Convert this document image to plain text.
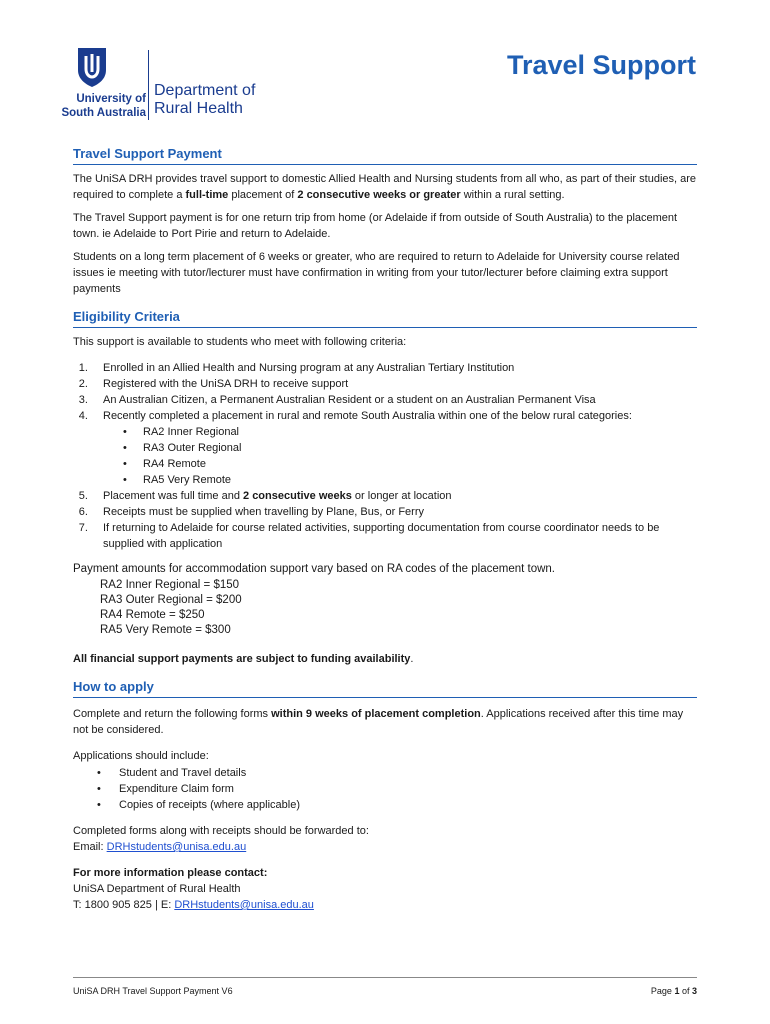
University of
South Australia
Department of
Rural Health
Travel Support
Travel Support Payment

The UniSA DRH provides travel support to domestic Allied Health and Nursing students from all who, as part of their studies, are required to complete a full-time placement of 2 consecutive weeks or greater within a rural setting.

The Travel Support payment is for one return trip from home (or Adelaide if from outside of South Australia) to the placement town. ie Adelaide to Port Pirie and return to Adelaide.

Students on a long term placement of 6 weeks or greater, who are required to return to Adelaide for University course related issues ie meeting with tutor/lecturer must have confirmation in writing from your tutor/lecturer before claiming extra support payments

Eligibility Criteria

This support is available to students who meet with following criteria:

1. Enrolled in an Allied Health and Nursing program at any Australian Tertiary Institution
2. Registered with the UniSA DRH to receive support
3. An Australian Citizen, a Permanent Australian Resident or a student on an Australian Permanent Visa
4. Recently completed a placement in rural and remote South Australia within one of the below rural categories:
• RA2 Inner Regional
• RA3 Outer Regional
• RA4 Remote
• RA5 Very Remote
5. Placement was full time and 2 consecutive weeks or longer at location
6. Receipts must be supplied when travelling by Plane, Bus, or Ferry
7. If returning to Adelaide for course related activities, supporting documentation from course coordinator needs to be supplied with application
Payment amounts for accommodation support vary based on RA codes of the placement town.
RA2 Inner Regional = $150
RA3 Outer Regional = $200
RA4 Remote = $250
RA5 Very Remote = $300

All financial support payments are subject to funding availability.

How to apply

Complete and return the following forms within 9 weeks of placement completion. Applications received after this time may not be considered.

Applications should include:

• Student and Travel details
• Expenditure Claim form
• Copies of receipts (where applicable)

Completed forms along with receipts should be forwarded to:
Email: DRHstudents@unisa.edu.au

For more information please contact:
UniSA Department of Rural Health
T: 1800 905 825 | E: DRHstudents@unisa.edu.au

UniSA DRH Travel Support Payment V6	Page 1 of 3
